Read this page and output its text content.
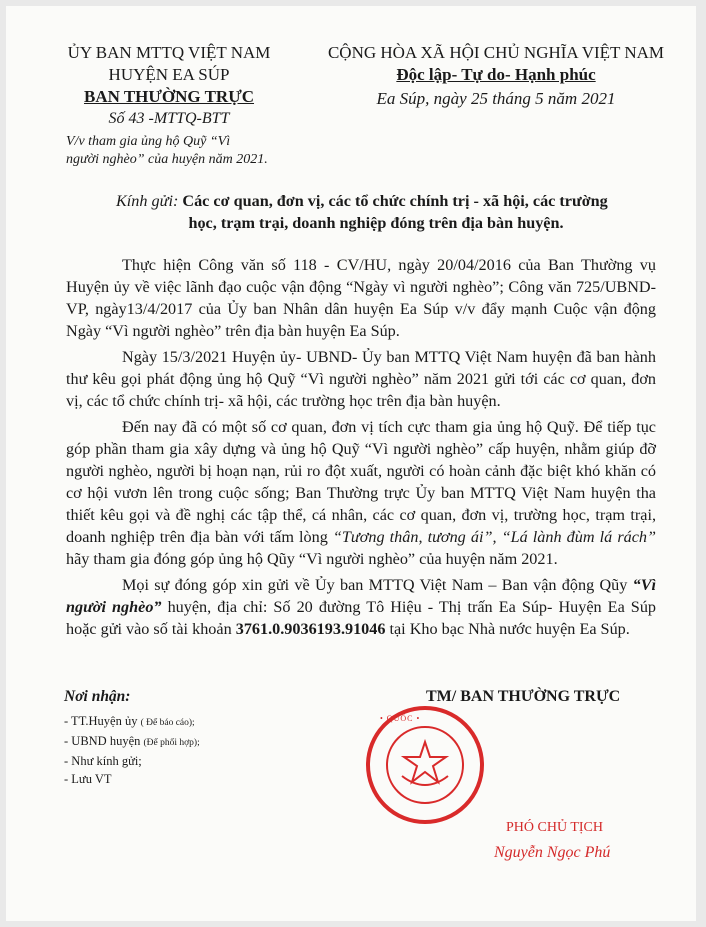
ỦY BAN MTTQ VIỆT NAM
HUYỆN EA SÚP
BAN THƯỜNG TRỰC
Số 43 -MTTQ-BTT
V/v tham gia ủng hộ Quỹ “Vì
người nghèo” của huyện năm 2021.
CỘNG HÒA XÃ HỘI CHỦ NGHĨA VIỆT NAM
Độc lập- Tự do- Hạnh phúc
Ea Súp, ngày 25 tháng 5 năm 2021
Kính gửi: Các cơ quan, đơn vị, các tổ chức chính trị - xã hội, các trường
học, trạm trại, doanh nghiệp đóng trên địa bàn huyện.

Thực hiện Công văn số 118 - CV/HU, ngày 20/04/2016 của Ban Thường vụ Huyện ủy về việc lãnh đạo cuộc vận động “Ngày vì người nghèo”; Công văn 725/UBND-VP, ngày13/4/2017 của Ủy ban Nhân dân huyện Ea Súp v/v đẩy mạnh Cuộc vận động Ngày “Vì người nghèo” trên địa bàn huyện Ea Súp.

Ngày 15/3/2021 Huyện ủy- UBND- Ủy ban MTTQ Việt Nam huyện đã ban hành thư kêu gọi phát động ủng hộ Quỹ “Vì người nghèo” năm 2021 gửi tới các cơ quan, đơn vị, các tổ chức chính trị- xã hội, các trường học trên địa bàn huyện.

Đến nay đã có một số cơ quan, đơn vị tích cực tham gia ủng hộ Quỹ. Để tiếp tục góp phần tham gia xây dựng và ủng hộ Quỹ “Vì người nghèo” cấp huyện, nhằm giúp đỡ người nghèo, người bị hoạn nạn, rủi ro đột xuất, người có hoàn cảnh đặc biệt khó khăn có cơ hội vươn lên trong cuộc sống; Ban Thường trực Ủy ban MTTQ Việt Nam huyện tha thiết kêu gọi và đề nghị các tập thể, cá nhân, các cơ quan, đơn vị, trường học, trạm trại, doanh nghiệp trên địa bàn với tấm lòng “Tương thân, tương ái”, “Lá lành đùm lá rách” hãy tham gia đóng góp ủng hộ Qũy “Vì người nghèo” của huyện năm 2021.

Mọi sự đóng góp xin gửi về Ủy ban MTTQ Việt Nam – Ban vận động Qũy “Vì người nghèo” huyện, địa chỉ: Số 20 đường Tô Hiệu - Thị trấn Ea Súp- Huyện Ea Súp hoặc gửi vào số tài khoản 3761.0.9036193.91046 tại Kho bạc Nhà nước huyện Ea Súp.

Nơi nhận:
- TT.Huyện ủy ( Để báo cáo);
- UBND huyện (Để phối hợp);
- Như kính gửi;
- Lưu VT
TM/ BAN THƯỜNG TRỰC
• QUỐC •
PHÓ CHỦ TỊCH
Nguyễn Ngọc Phú
